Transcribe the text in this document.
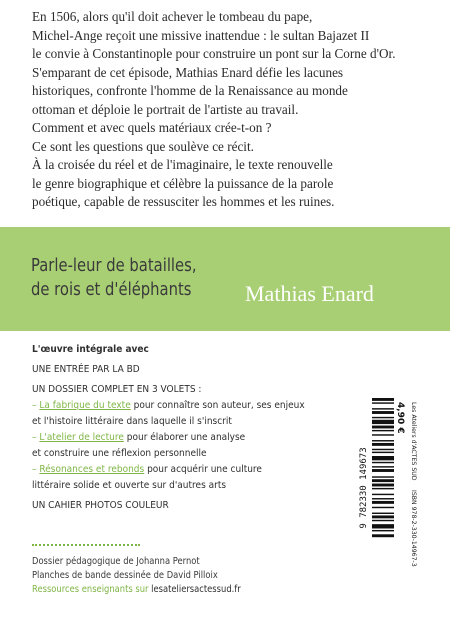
En 1506, alors qu'il doit achever le tombeau du pape,

Michel-Ange reçoit une missive inattendue : le sultan Bajazet II

le convie à Constantinople pour construire un pont sur la Corne d'Or.

S'emparant de cet épisode, Mathias Enard défie les lacunes

historiques, confronte l'homme de la Renaissance au monde

ottoman et déploie le portrait de l'artiste au travail.

Comment et avec quels matériaux crée-t-on ?

Ce sont les questions que soulève ce récit.

À la croisée du réel et de l'imaginaire, le texte renouvelle

le genre biographique et célèbre la puissance de la parole

poétique, capable de ressusciter les hommes et les ruines.

Parle-leur de batailles,
de rois et d'éléphants Mathias Enard
L'œuvre intégrale avec
UNE ENTRÉE PAR LA BD
UN DOSSIER COMPLET EN 3 VOLETS :
– La fabrique du texte pour connaître son auteur, ses enjeux
et l'histoire littéraire dans laquelle il s'inscrit
– L'atelier de lecture pour élaborer une analyse
et construire une réflexion personnelle
– Résonances et rebonds pour acquérir une culture
littéraire solide et ouverte sur d'autres arts
UN CAHIER PHOTOS COULEUR
Dossier pédagogique de Johanna Pernot
Planches de bande dessinée de David Pilloix
Ressources enseignants sur lesateliersactessud.fr
4,90 € Les Ateliers d'ACTES SUD
ISBN 978-2-330-14967-3
9 782330 149673
